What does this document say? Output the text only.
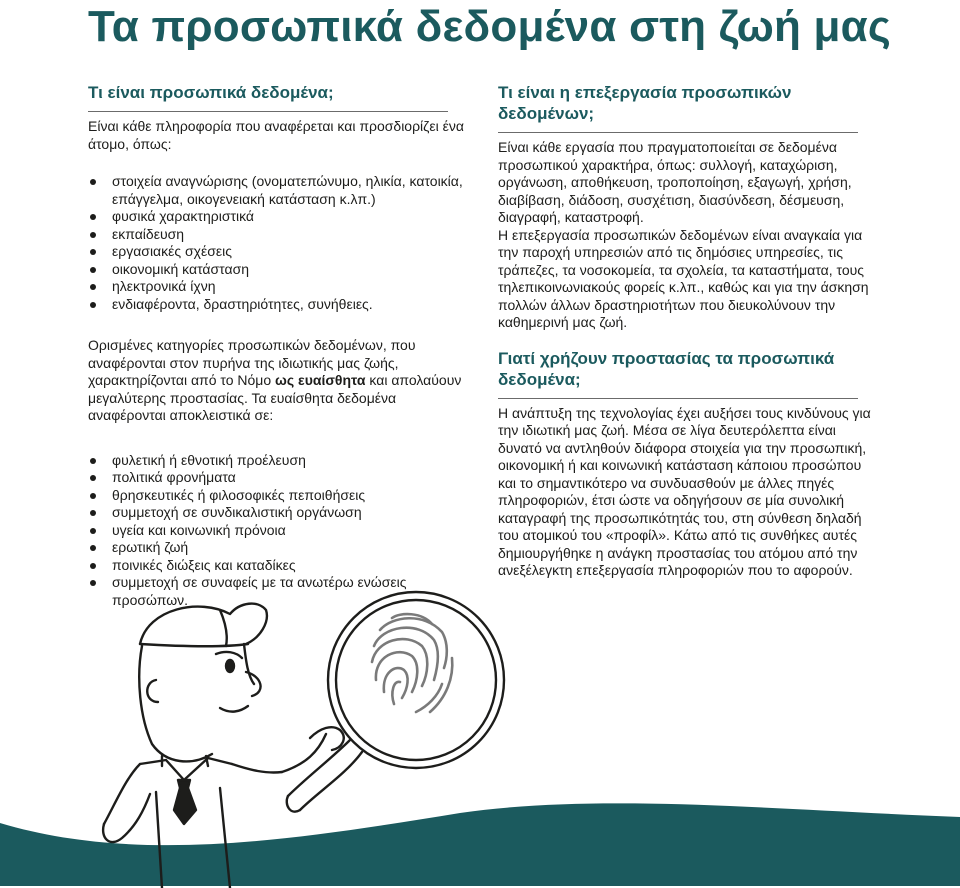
Τα προσωπικά δεδομένα στη ζωή μας
Τι είναι προσωπικά δεδομένα;

Είναι κάθε πληροφορία που αναφέρεται και προσδιορίζει ένα άτομο, όπως:

στοιχεία αναγνώρισης (ονοματεπώνυμο, ηλικία, κατοικία, επάγγελμα, οικογενειακή κατάσταση κ.λπ.)
φυσικά χαρακτηριστικά
εκπαίδευση
εργασιακές σχέσεις
οικονομική κατάσταση
ηλεκτρονικά ίχνη
ενδιαφέροντα, δραστηριότητες, συνήθειες.

Ορισμένες κατηγορίες προσωπικών δεδομένων, που αναφέρονται στον πυρήνα της ιδιωτικής μας ζωής, χαρακτηρίζονται από το Νόμο ως ευαίσθητα και απολαύουν μεγαλύτερης προστασίας. Τα ευαίσθητα δεδομένα αναφέρονται αποκλειστικά σε:

φυλετική ή εθνοτική προέλευση
πολιτικά φρονήματα
θρησκευτικές ή φιλοσοφικές πεποιθήσεις
συμμετοχή σε συνδικαλιστική οργάνωση
υγεία και κοινωνική πρόνοια
ερωτική ζωή
ποινικές διώξεις και καταδίκες
συμμετοχή σε συναφείς με τα ανωτέρω ενώσεις προσώπων.
Τι είναι η επεξεργασία προσωπικών δεδομένων;

Είναι κάθε εργασία που πραγματοποιείται σε δεδομένα προσωπικού χαρακτήρα, όπως: συλλογή, καταχώριση, οργάνωση, αποθήκευση, τροποποίηση, εξαγωγή, χρήση, διαβίβαση, διάδοση, συσχέτιση, διασύνδεση, δέσμευση, διαγραφή, καταστροφή.

Η επεξεργασία προσωπικών δεδομένων είναι αναγκαία για την παροχή υπηρεσιών από τις δημόσιες υπηρεσίες, τις τράπεζες, τα νοσοκομεία, τα σχολεία, τα καταστήματα, τους τηλεπικοινωνιακούς φορείς κ.λπ., καθώς και για την άσκηση πολλών άλλων δραστηριοτήτων που διευκολύνουν την καθημερινή μας ζωή.

Γιατί χρήζουν προστασίας τα προσωπικά δεδομένα;

Η ανάπτυξη της τεχνολογίας έχει αυξήσει τους κινδύνους για την ιδιωτική μας ζωή. Μέσα σε λίγα δευτερόλεπτα είναι δυνατό να αντληθούν διάφορα στοιχεία για την προσωπική, οικονομική ή και κοινωνική κατάσταση κάποιου προσώπου και το σημαντικότερο να συνδυασθούν με άλλες πηγές πληροφοριών, έτσι ώστε να οδηγήσουν σε μία συνολική καταγραφή της προσωπικότητάς του, στη σύνθεση δηλαδή του ατομικού του «προφίλ». Κάτω από τις συνθήκες αυτές δημιουργήθηκε η ανάγκη προστασίας του ατόμου από την ανεξέλεγκτη επεξεργασία πληροφοριών που το αφορούν.
